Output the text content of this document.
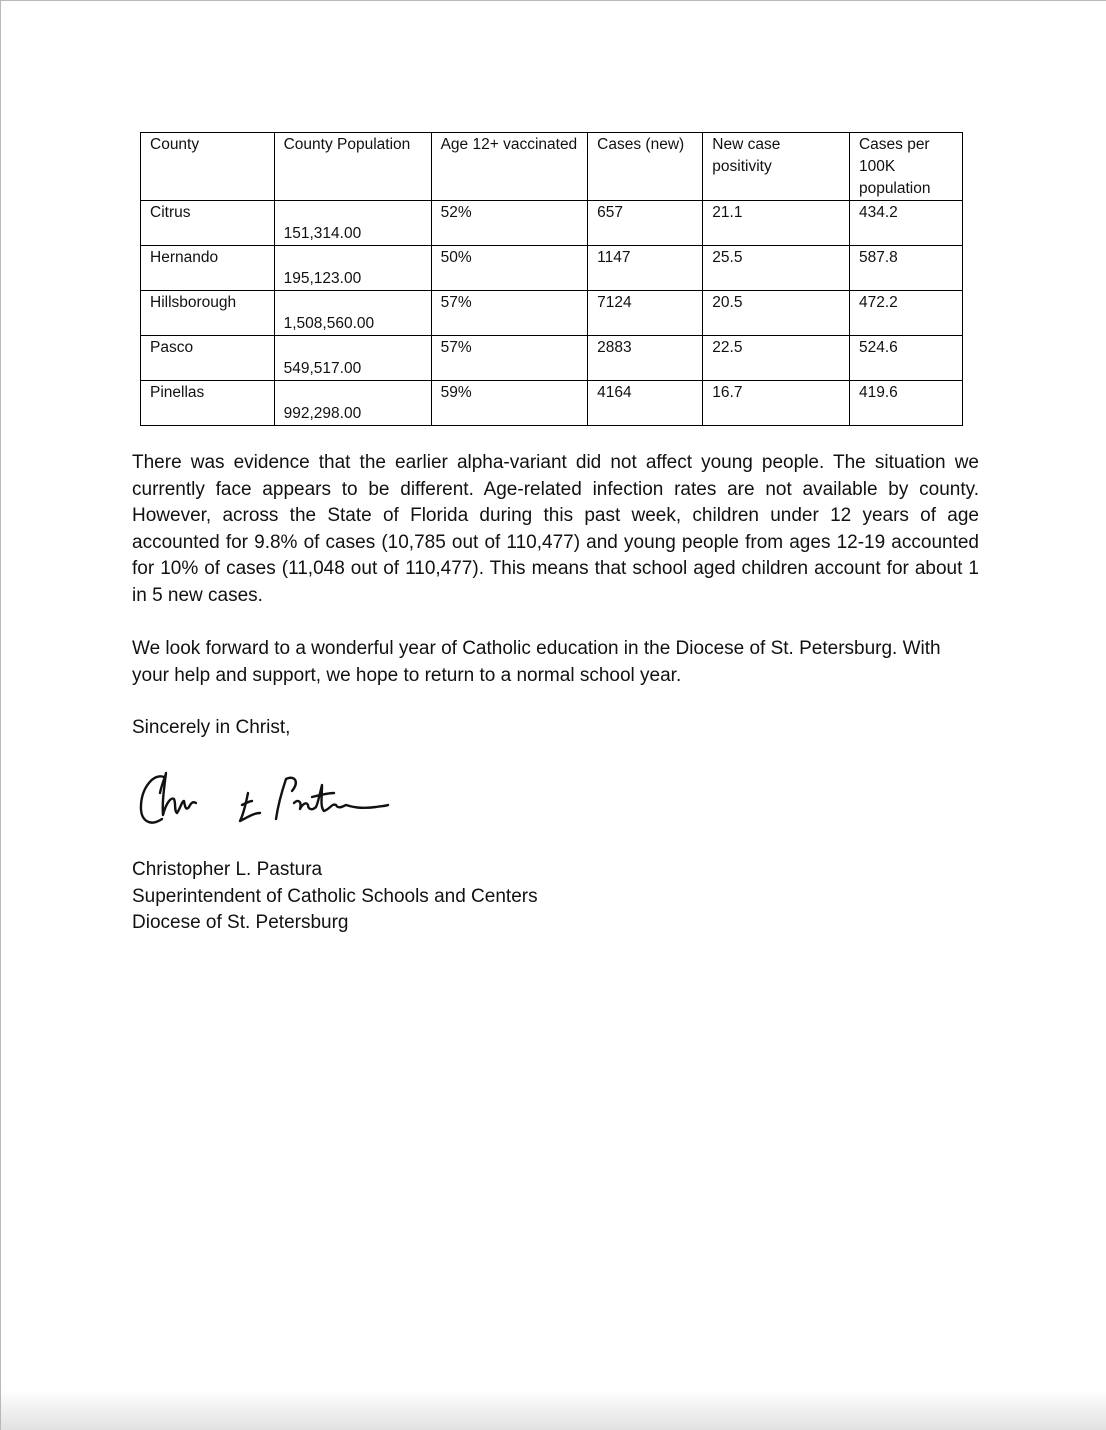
County	County Population	Age 12+ vaccinated	Cases (new)	New case positivity	Cases per 100K population
Citrus	151,314.00	52%	657	21.1	434.2
Hernando	195,123.00	50%	1147	25.5	587.8
Hillsborough	1,508,560.00	57%	7124	20.5	472.2
Pasco	549,517.00	57%	2883	22.5	524.6
Pinellas	992,298.00	59%	4164	16.7	419.6

There was evidence that the earlier alpha-variant did not affect young people. The situation we currently face appears to be different. Age-related infection rates are not available by county. However, across the State of Florida during this past week, children under 12 years of age accounted for 9.8% of cases (10,785 out of 110,477) and young people from ages 12-19 accounted for 10% of cases (11,048 out of 110,477). This means that school aged children account for about 1 in 5 new cases.

We look forward to a wonderful year of Catholic education in the Diocese of St. Petersburg. With your help and support, we hope to return to a normal school year.

Sincerely in Christ,

Christopher L. Pastura
Superintendent of Catholic Schools and Centers
Diocese of St. Petersburg
